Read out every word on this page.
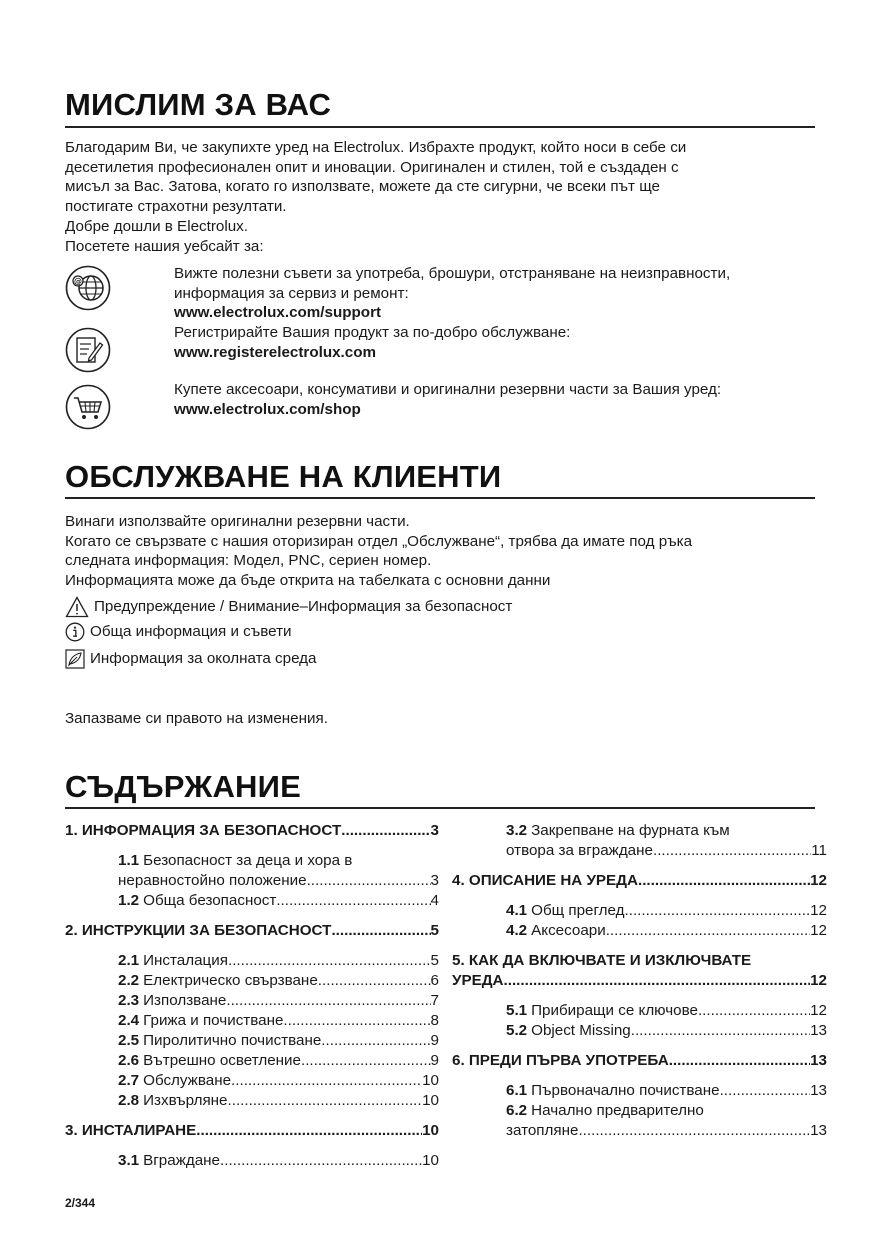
МИСЛИМ ЗА ВАС
Благодарим Ви, че закупихте уред на Electrolux. Избрахте продукт, който носи в себе си
десетилетия професионален опит и иновации. Оригинален и стилен, той е създаден с
мисъл за Вас. Затова, когато го използвате, можете да сте сигурни, че всеки път ще
постигате страхотни резултати.
Добре дошли в Electrolux.
Посетете нашия уебсайт за:
@	Вижте полезни съвети за употреба, брошури, отстраняване на неизправности,
информация за сервиз и ремонт:
www.electrolux.com/support
Регистрирайте Вашия продукт за по-добро обслужване:
www.registerelectrolux.com
Купете аксесоари, консумативи и оригинални резервни части за Вашия уред:
www.electrolux.com/shop
ОБСЛУЖВАНЕ НА КЛИЕНТИ
Винаги използвайте оригинални резервни части.
Когато се свързвате с нашия оторизиран отдел „Обслужване“, трябва да имате под ръка
следната информация: Модел, PNC, сериен номер.
Информацията може да бъде открита на табелката с основни данни
Предупреждение / Внимание–Информация за безопасност
Обща информация и съвети
Информация за околната среда
Запазваме си правото на изменения.
СЪДЪРЖАНИЕ
1. ИНФОРМАЦИЯ ЗА БЕЗОПАСНОСТ .....	3
1.1 Безопасност за деца и хора в
неравностойно положение .....	3
1.2 Обща безопасност .....	4
2. ИНСТРУКЦИИ ЗА БЕЗОПАСНОСТ .....	5
2.1 Инсталация .....	5
2.2 Електрическо свързване .....	6
2.3 Използване .....	7
2.4 Грижа и почистване .....	8
2.5 Пиролитично почистване .....	9
2.6 Вътрешно осветление .....	9
2.7 Обслужване .....	10
2.8 Изхвърляне .....	10
3. ИНСТАЛИРАНЕ .....	10
3.1 Вграждане .....	10
3.2 Закрепване на фурната към
отвора за вграждане .....	11
4. ОПИСАНИЕ НА УРЕДА .....	12
4.1 Общ преглед .....	12
4.2 Аксесоари .....	12
5. КАК ДА ВКЛЮЧВАТЕ И ИЗКЛЮЧВАТЕ
УРЕДА .....	12
5.1 Прибиращи се ключове .....	12
5.2 Object Missing .....	13
6. ПРЕДИ ПЪРВА УПОТРЕБА .....	13
6.1 Първоначално почистване .....	13
6.2 Начално предварително
затопляне .....	13
2/344
